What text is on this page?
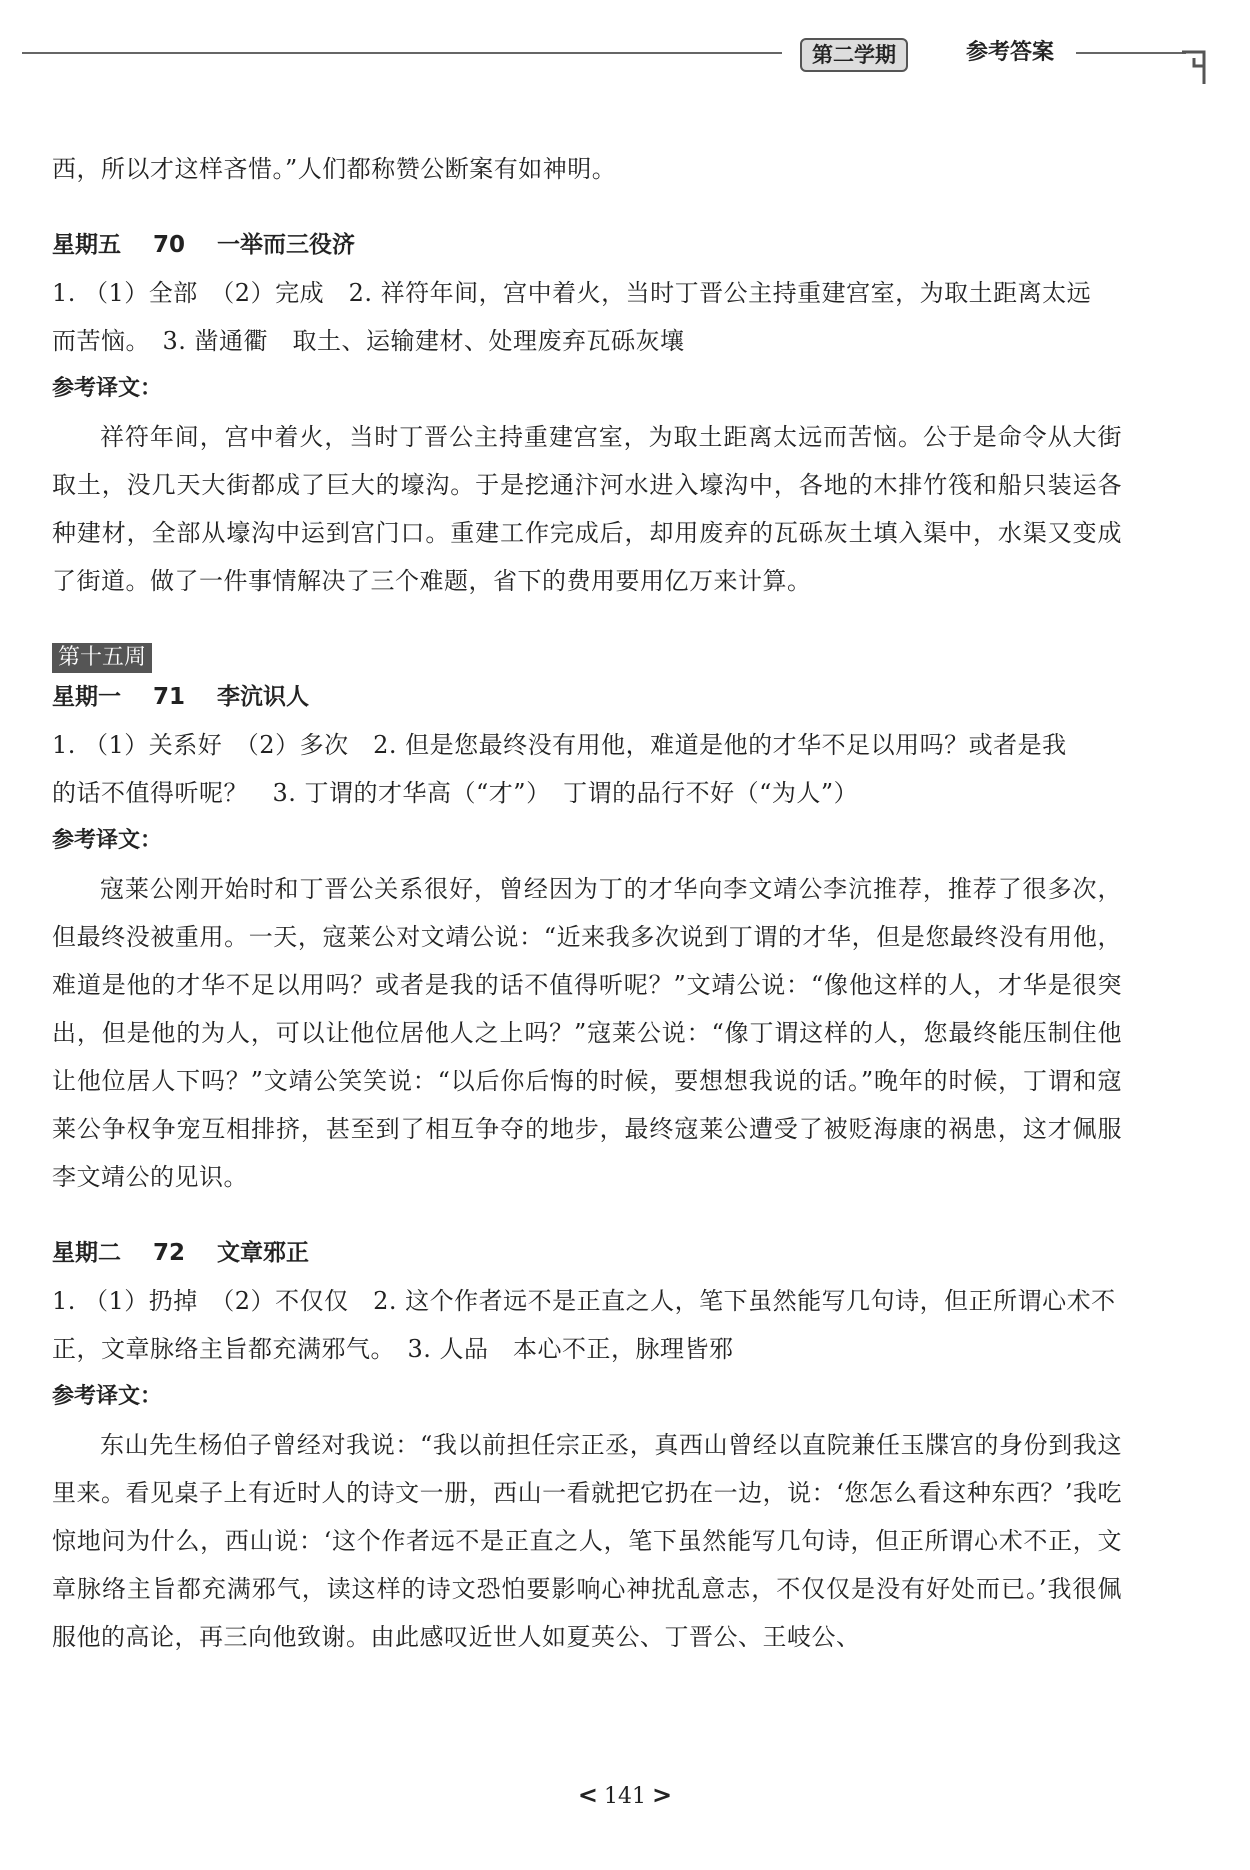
第二学期	参考答案

西，所以才这样吝惜。”人们都称赞公断案有如神明。

星期五 70 一举而三役济

1. （1）全部　（2）完成　2. 祥符年间，宫中着火，当时丁晋公主持重建宫室，为取土距离太远

而苦恼。　3. 凿通衢　取土、运输建材、处理废弃瓦砾灰壤

参考译文：

祥符年间，宫中着火，当时丁晋公主持重建宫室，为取土距离太远而苦恼。公于是命令从大街取土，没几天大街都成了巨大的壕沟。于是挖通汴河水进入壕沟中，各地的木排竹筏和船只装运各种建材，全部从壕沟中运到宫门口。重建工作完成后，却用废弃的瓦砾灰土填入渠中，水渠又变成了街道。做了一件事情解决了三个难题，省下的费用要用亿万来计算。

第十五周

星期一 71 李沆识人

1. （1）关系好　（2）多次　2. 但是您最终没有用他，难道是他的才华不足以用吗？或者是我

的话不值得听呢？　3. 丁谓的才华高（“才”）　丁谓的品行不好（“为人”）

参考译文：

寇莱公刚开始时和丁晋公关系很好，曾经因为丁的才华向李文靖公李沆推荐，推荐了很多次，但最终没被重用。一天，寇莱公对文靖公说：“近来我多次说到丁谓的才华，但是您最终没有用他，难道是他的才华不足以用吗？或者是我的话不值得听呢？”文靖公说：“像他这样的人，才华是很突出，但是他的为人，可以让他位居他人之上吗？”寇莱公说：“像丁谓这样的人，您最终能压制住他让他位居人下吗？”文靖公笑笑说：“以后你后悔的时候，要想想我说的话。”晚年的时候，丁谓和寇莱公争权争宠互相排挤，甚至到了相互争夺的地步，最终寇莱公遭受了被贬海康的祸患，这才佩服李文靖公的见识。

星期二 72 文章邪正

1. （1）扔掉　（2）不仅仅　2. 这个作者远不是正直之人，笔下虽然能写几句诗，但正所谓心术不

正，文章脉络主旨都充满邪气。　3. 人品　本心不正，脉理皆邪

参考译文：

东山先生杨伯子曾经对我说：“我以前担任宗正丞，真西山曾经以直院兼任玉牒宫的身份到我这里来。看见桌子上有近时人的诗文一册，西山一看就把它扔在一边，说：‘您怎么看这种东西？’我吃惊地问为什么，西山说：‘这个作者远不是正直之人，笔下虽然能写几句诗，但正所谓心术不正，文章脉络主旨都充满邪气，读这样的诗文恐怕要影响心神扰乱意志，不仅仅是没有好处而已。’我很佩服他的高论，再三向他致谢。由此感叹近世人如夏英公、丁晋公、王岐公、

< 141 >
